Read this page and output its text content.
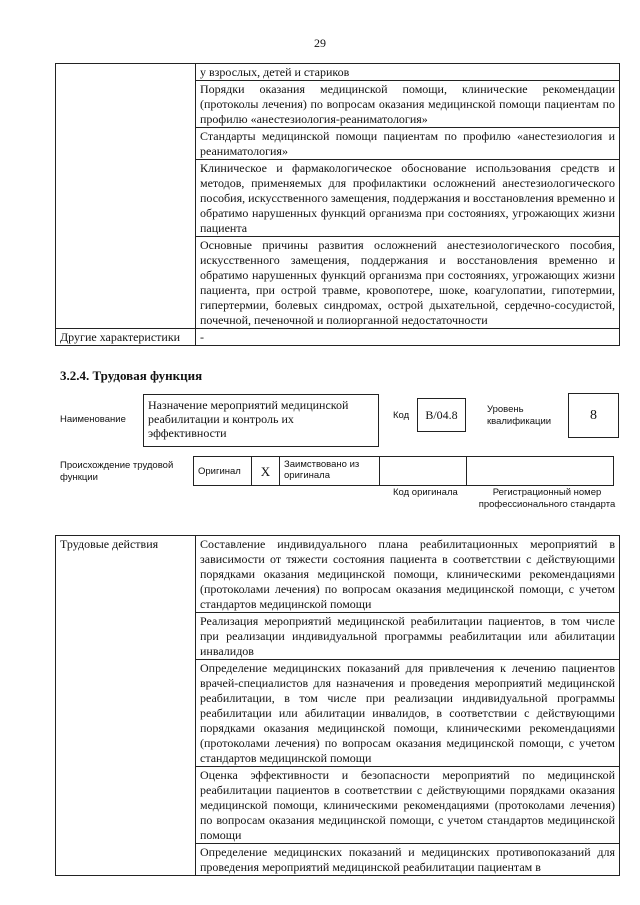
29
	у взрослых, детей и стариков
	Порядки оказания медицинской помощи, клинические рекомендации (протоколы лечения) по вопросам оказания медицинской помощи пациентам по профилю «анестезиология-реаниматология»
	Стандарты медицинской помощи пациентам по профилю «анестезиология и реаниматология»
	Клиническое и фармакологическое обоснование использования средств и методов, применяемых для профилактики осложнений анестезиологического пособия, искусственного замещения, поддержания и восстановления временно и обратимо нарушенных функций организма при состояниях, угрожающих жизни пациента
	Основные причины развития осложнений анестезиологического пособия, искусственного замещения, поддержания и восстановления временно и обратимо нарушенных функций организма при состояниях, угрожающих жизни пациента, при острой травме, кровопотере, шоке, коагулопатии, гипотермии, гипертермии, болевых синдромах, острой дыхательной, сердечно-сосудистой, почечной, печеночной и полиорганной недостаточности
Другие характеристики	-
3.2.4. Трудовая функция
Наименование
Назначение мероприятий медицинской реабилитации и контроль их эффективности
Код	В/04.8	Уровень квалификации	8
Происхождение трудовой функции
Оригинал	X	Заимствовано из оригинала		
Код оригинала	Регистрационный номер профессионального стандарта
Трудовые действия	Составление индивидуального плана реабилитационных мероприятий в зависимости от тяжести состояния пациента в соответствии с действующими порядками оказания медицинской помощи, клиническими рекомендациями (протоколами лечения) по вопросам оказания медицинской помощи, с учетом стандартов медицинской помощи
Реализация мероприятий медицинской реабилитации пациентов, в том числе при реализации индивидуальной программы реабилитации или абилитации инвалидов
Определение медицинских показаний для привлечения к лечению пациентов врачей-специалистов для назначения и проведения мероприятий медицинской реабилитации, в том числе при реализации индивидуальной программы реабилитации или абилитации инвалидов, в соответствии с действующими порядками оказания медицинской помощи, клиническими рекомендациями (протоколами лечения) по вопросам оказания медицинской помощи, с учетом стандартов медицинской помощи
Оценка эффективности и безопасности мероприятий по медицинской реабилитации пациентов в соответствии с действующими порядками оказания медицинской помощи, клиническими рекомендациями (протоколами лечения) по вопросам оказания медицинской помощи, с учетом стандартов медицинской помощи

Определение медицинских показаний и медицинских противопоказаний для проведения мероприятий медицинской реабилитации пациентам в
